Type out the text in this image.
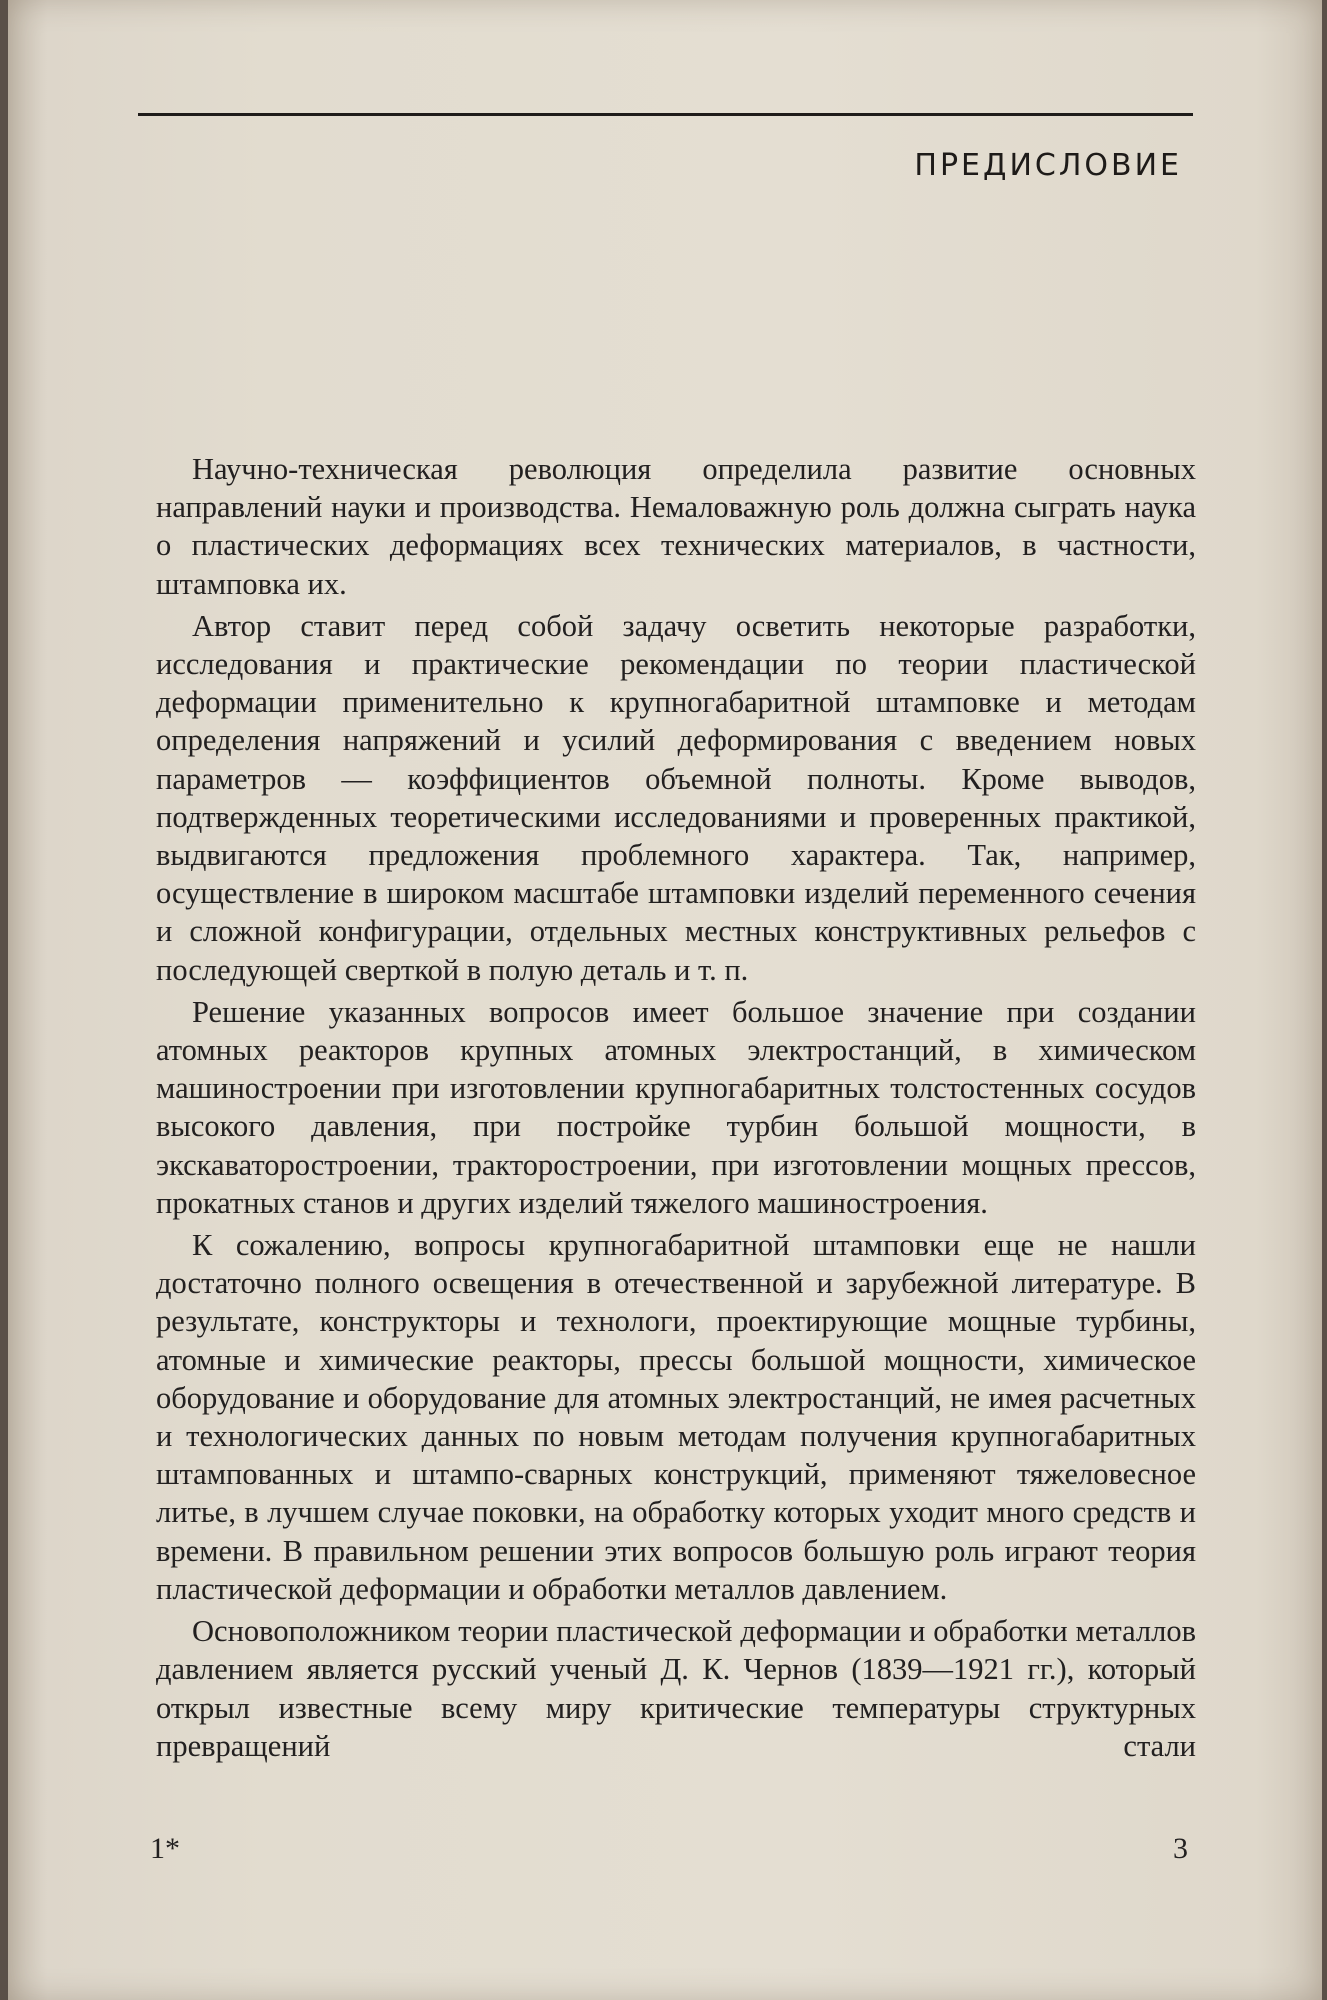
ПРЕДИСЛОВИЕ

Научно-техническая революция определила развитие основных направлений науки и производства. Немаловажную роль должна сыграть наука о пластических деформациях всех технических материалов, в частности, штамповка их.

Автор ставит перед собой задачу осветить некоторые разработки, исследования и практические рекомендации по теории пластической деформации применительно к крупногабаритной штамповке и методам определения напряжений и усилий деформирования с введением новых параметров — коэффициентов объемной полноты. Кроме выводов, подтвержденных теоретическими исследованиями и проверенных практикой, выдвигаются предложения проблемного характера. Так, например, осуществление в широком масштабе штамповки изделий переменного сечения и сложной конфигурации, отдельных местных конструктивных рельефов с последующей сверткой в полую деталь и т. п.

Решение указанных вопросов имеет большое значение при создании атомных реакторов крупных атомных электростанций, в химическом машиностроении при изготовлении крупногабаритных толстостенных сосудов высокого давления, при постройке турбин большой мощности, в экскаваторостроении, тракторостроении, при изготовлении мощных прессов, прокатных станов и других изделий тяжелого машиностроения.

К сожалению, вопросы крупногабаритной штамповки еще не нашли достаточно полного освещения в отечественной и зарубежной литературе. В результате, конструкторы и технологи, проектирующие мощные турбины, атомные и химические реакторы, прессы большой мощности, химическое оборудование и оборудование для атомных электростанций, не имея расчетных и технологических данных по новым методам получения крупногабаритных штампованных и штампо-сварных конструкций, применяют тяжеловесное литье, в лучшем случае поковки, на обработку которых уходит много средств и времени. В правильном решении этих вопросов большую роль играют теория пластической деформации и обработки металлов давлением.

Основоположником теории пластической деформации и обработки металлов давлением является русский ученый Д. К. Чернов (1839—1921 гг.), который открыл известные всему миру критические температуры структурных превращений стали

1*	3
